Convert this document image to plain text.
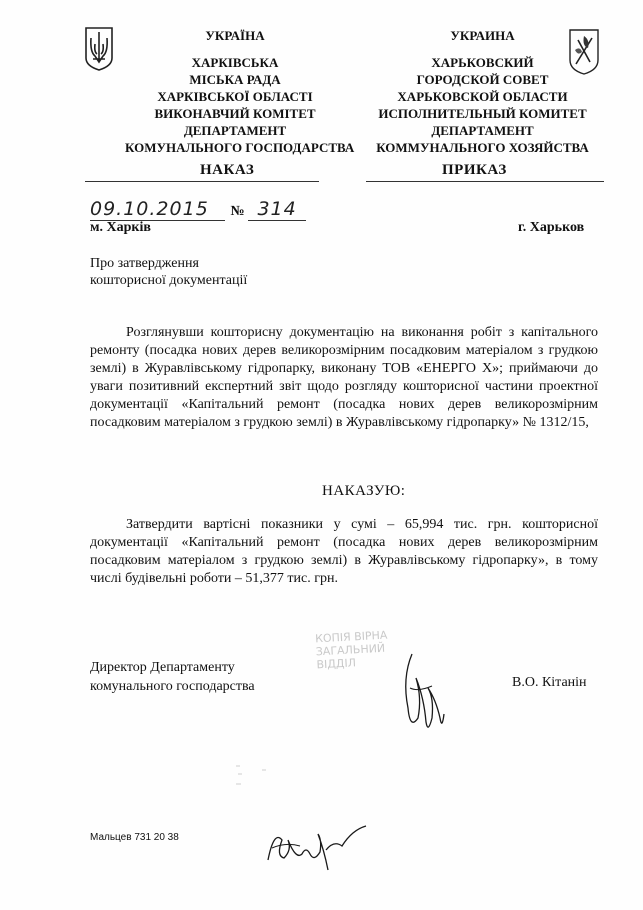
УКРАЇНА
ХАРКІВСЬКА
МІСЬКА РАДА
ХАРКІВСЬКОЇ ОБЛАСТІ
ВИКОНАВЧИЙ КОМІТЕТ
ДЕПАРТАМЕНТ
КОМУНАЛЬНОГО ГОСПОДАРСТВА
УКРАИНА
ХАРЬКОВСКИЙ
ГОРОДСКОЙ СОВЕТ
ХАРЬКОВСКОЙ ОБЛАСТИ
ИСПОЛНИТЕЛЬНЫЙ КОМИТЕТ
ДЕПАРТАМЕНТ
КОММУНАЛЬНОГО ХОЗЯЙСТВА
НАКАЗ	ПРИКАЗ
09.10.2015 № 314
м. Харків	г. Харьков
Про затвердження
кошторисної документації
Розглянувши кошторисну документацію на виконання робіт з капітального ремонту (посадка нових дерев великорозмірним посадковим матеріалом з грудкою землі) в Журавлівському гідропарку, виконану ТОВ «ЕНЕРГО Х»; приймаючи до уваги позитивний експертний звіт щодо розгляду кошторисної частини проектної документації «Капітальний ремонт (посадка нових дерев великорозмірним посадковим матеріалом з грудкою землі) в Журавлівському гідропарку» № 1312/15,
НАКАЗУЮ:
Затвердити вартісні показники у сумі – 65,994 тис. грн. кошторисної документації «Капітальний ремонт (посадка нових дерев великорозмірним посадковим матеріалом з грудкою землі) в Журавлівському гідропарку», в тому числі будівельні роботи – 51,377 тис. грн.
КОПІЯ ВІРНА
ЗАГАЛЬНИЙ
ВІДДІЛ
Директор Департаменту
комунального господарства	В.О. Кітанін
Мальцев 731 20 38
